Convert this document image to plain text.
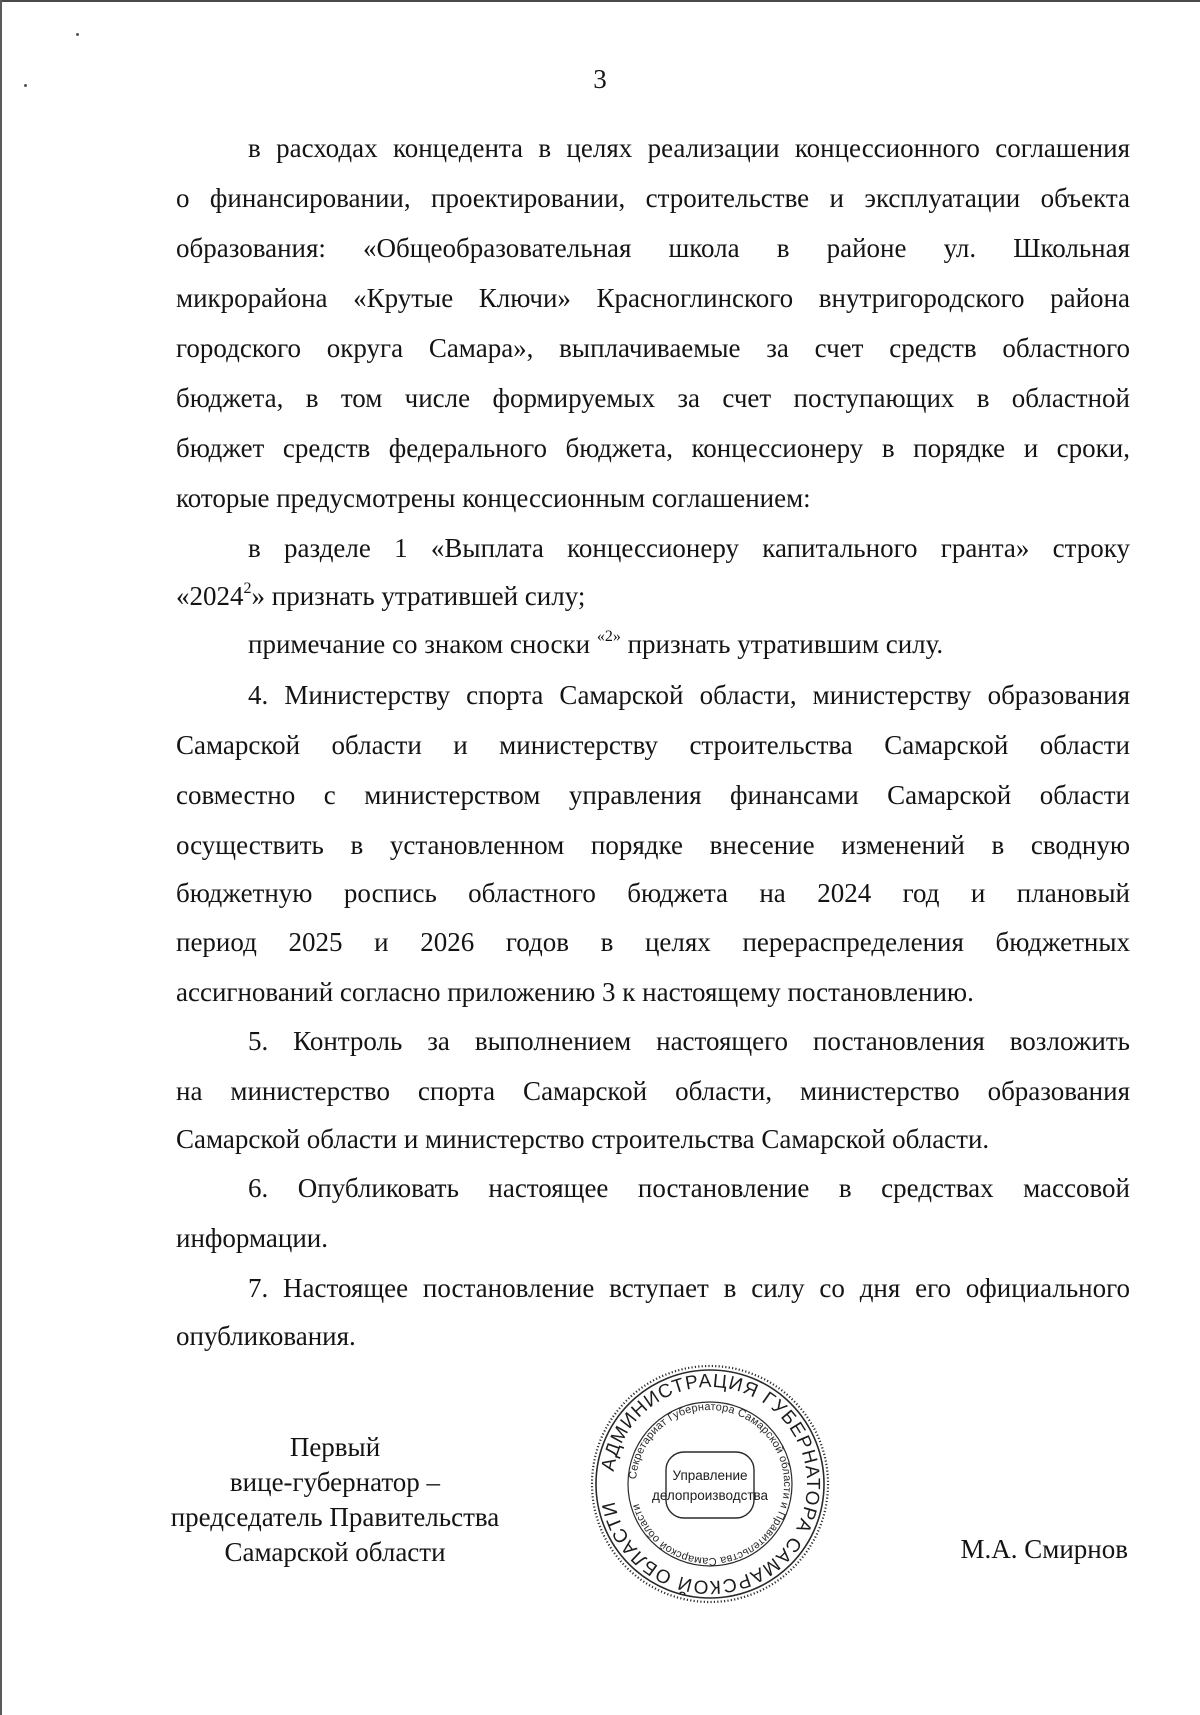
3
в расходах концедента в целях реализации концессионного соглашения
о финансировании, проектировании, строительстве и эксплуатации объекта
образования: «Общеобразовательная школа в районе ул. Школьная
микрорайона «Крутые Ключи» Красноглинского внутригородского района
городского округа Самара», выплачиваемые за счет средств областного
бюджета, в том числе формируемых за счет поступающих в областной
бюджет средств федерального бюджета, концессионеру в порядке и сроки,
которые предусмотрены концессионным соглашением:
в разделе 1 «Выплата концессионеру капитального гранта» строку
«2024$^2$» признать утратившей силу;
примечание со знаком сноски $^{«2»}$ признать утратившим силу.
4. Министерству спорта Самарской области, министерству образования
Самарской области и министерству строительства Самарской области
совместно с министерством управления финансами Самарской области
осуществить в установленном порядке внесение изменений в сводную
бюджетную роспись областного бюджета на 2024 год и плановый
период 2025 и 2026 годов в целях перераспределения бюджетных
ассигнований согласно приложению 3 к настоящему постановлению.
5. Контроль за выполнением настоящего постановления возложить
на министерство спорта Самарской области, министерство образования
Самарской области и министерство строительства Самарской области.
6. Опубликовать настоящее постановление в средствах массовой
информации.
7. Настоящее постановление вступает в силу со дня его официального
опубликования.
Первый
вице-губернатор –
председатель Правительства
Самарской области	М.А. Смирнов
АДМИНИСТРАЦИЯ ГУБЕРНАТОРА САМАРСКОЙ ОБЛАСТИ
Секретариат Губернатора Самарской области и Правительства Самарской области
Управление
делопроизводства
